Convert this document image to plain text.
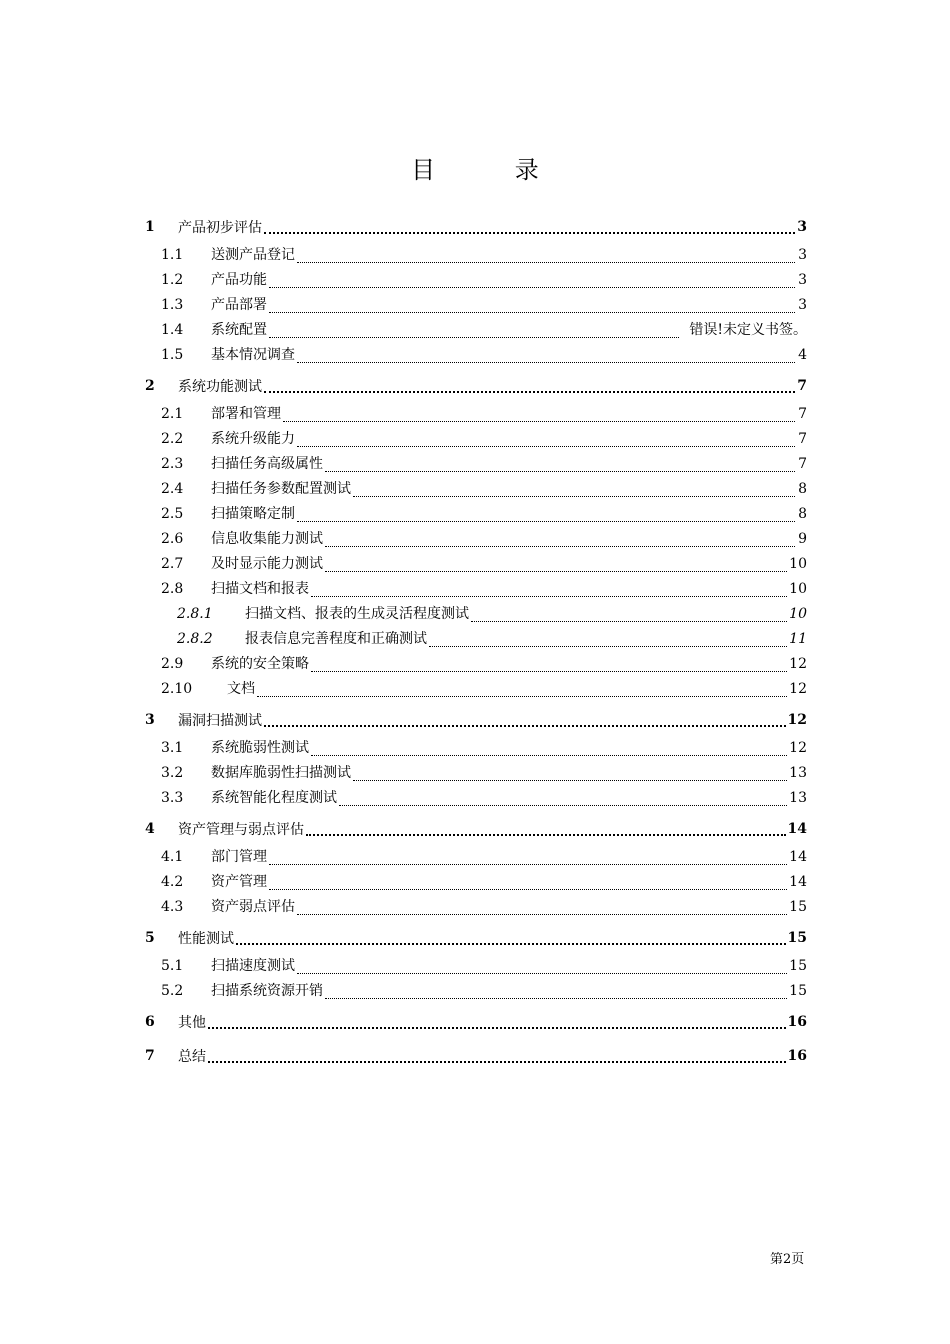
目 录
1	产品初步评估	3
1.1	送测产品登记	3
1.2	产品功能	3
1.3	产品部署	3
1.4	系统配置	错误!未定义书签。
1.5	基本情况调查	4
2	系统功能测试	7
2.1	部署和管理	7
2.2	系统升级能力	7
2.3	扫描任务高级属性	7
2.4	扫描任务参数配置测试	8
2.5	扫描策略定制	8
2.6	信息收集能力测试	9
2.7	及时显示能力测试	10
2.8	扫描文档和报表	10
2.8.1	扫描文档、报表的生成灵活程度测试	10
2.8.2	报表信息完善程度和正确测试	11
2.9	系统的安全策略	12
2.10	文档	12
3	漏洞扫描测试	12
3.1	系统脆弱性测试	12
3.2	数据库脆弱性扫描测试	13
3.3	系统智能化程度测试	13
4	资产管理与弱点评估	14
4.1	部门管理	14
4.2	资产管理	14
4.3	资产弱点评估	15
5	性能测试	15
5.1	扫描速度测试	15
5.2	扫描系统资源开销	15
6	其他	16
7	总结	16
第2页
